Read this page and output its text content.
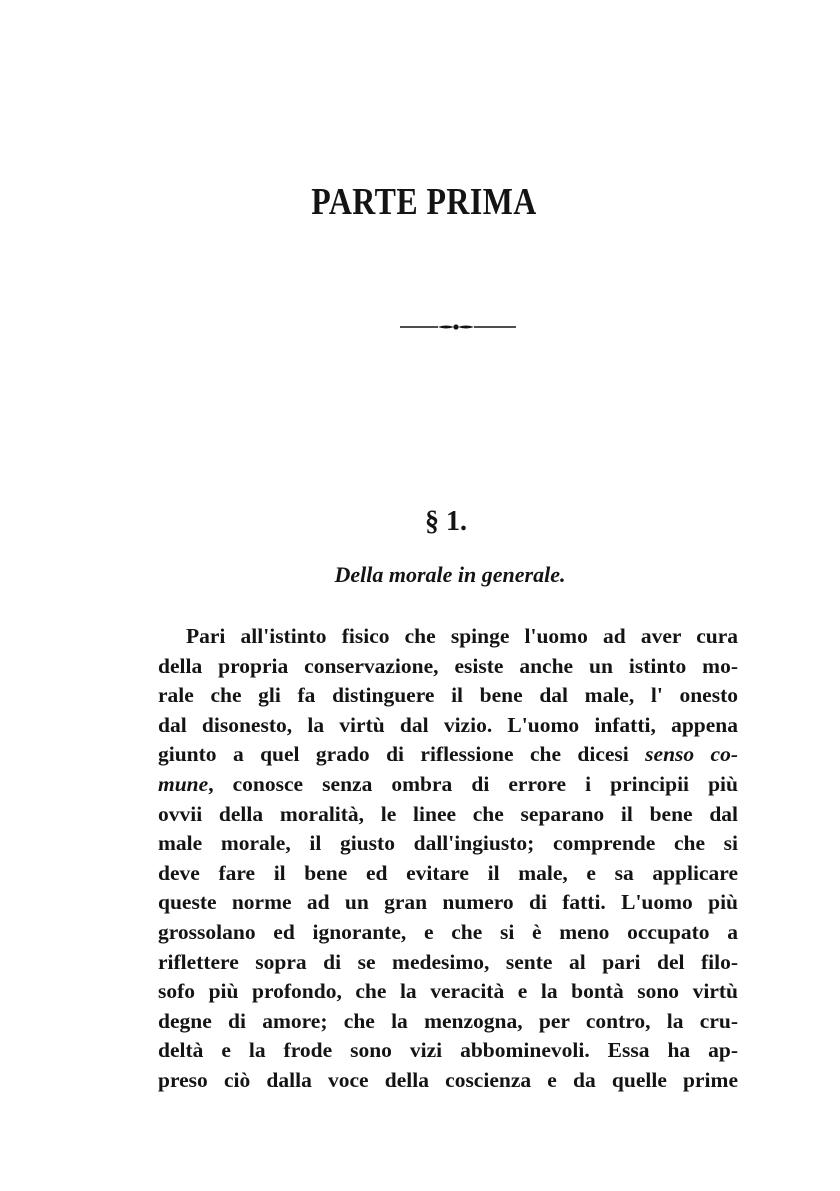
PARTE PRIMA
§ 1.
Della morale in generale.
Pari all'istinto fisico che spinge l'uomo ad aver cura
della propria conservazione, esiste anche un istinto mo-
rale che gli fa distinguere il bene dal male, l' onesto
dal disonesto, la virtù dal vizio. L'uomo infatti, appena
giunto a quel grado di riflessione che dicesi senso co-
mune, conosce senza ombra di errore i principii più
ovvii della moralità, le linee che separano il bene dal
male morale, il giusto dall'ingiusto; comprende che si
deve fare il bene ed evitare il male, e sa applicare
queste norme ad un gran numero di fatti. L'uomo più
grossolano ed ignorante, e che si è meno occupato a
riflettere sopra di se medesimo, sente al pari del filo-
sofo più profondo, che la veracità e la bontà sono virtù
degne di amore; che la menzogna, per contro, la cru-
deltà e la frode sono vizi abbominevoli. Essa ha ap-
preso ciò dalla voce della coscienza e da quelle prime
